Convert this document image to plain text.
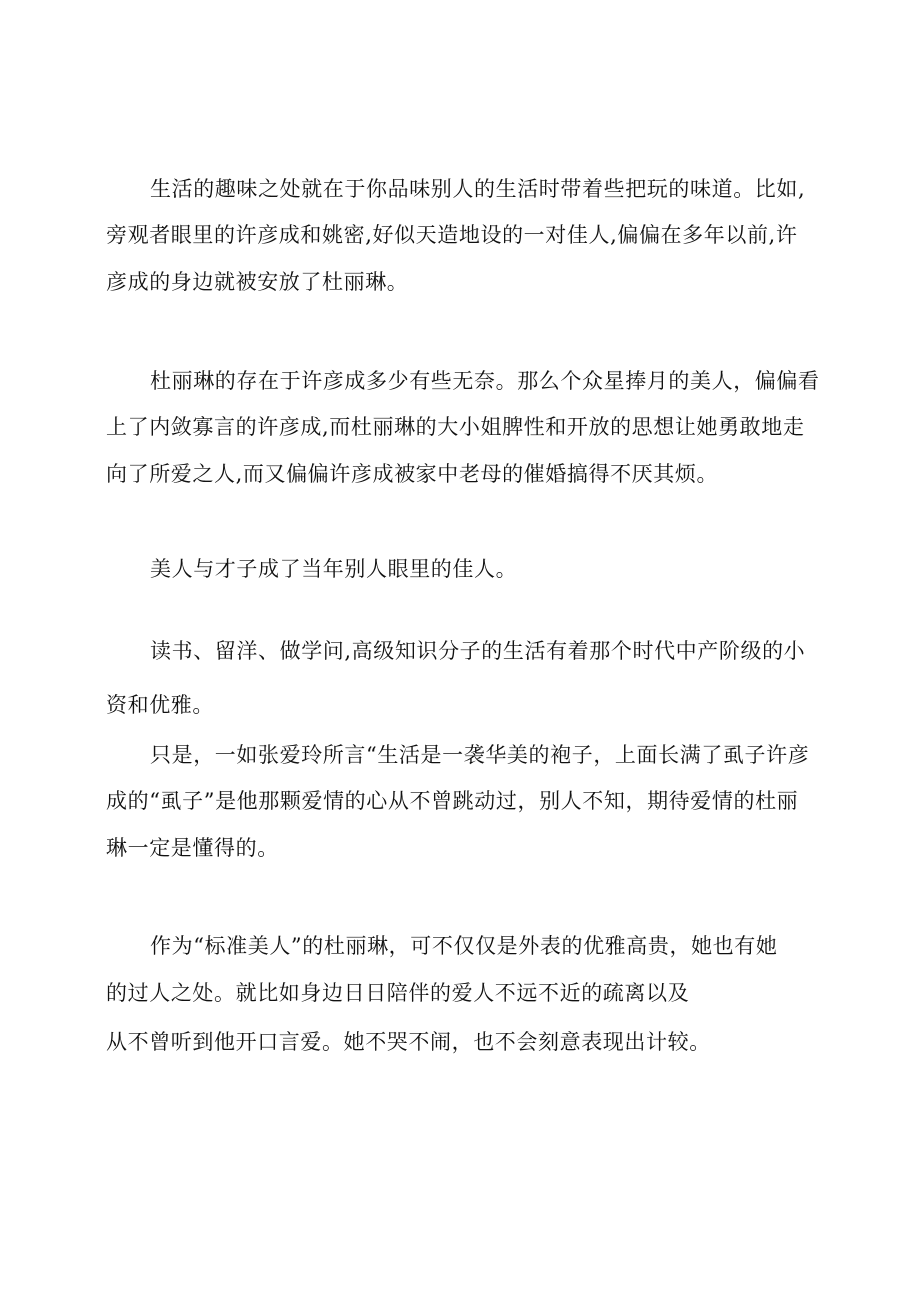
生活的趣味之处就在于你品味别人的生活时带着些把玩的味道。比如,
旁观者眼里的许彦成和姚密,好似天造地设的一对佳人,偏偏在多年以前,许
彦成的身边就被安放了杜丽琳。
杜丽琳的存在于许彦成多少有些无奈。那么个众星捧月的美人，偏偏看
上了内敛寡言的许彦成,而杜丽琳的大小姐脾性和开放的思想让她勇敢地走
向了所爱之人,而又偏偏许彦成被家中老母的催婚搞得不厌其烦。
美人与才子成了当年别人眼里的佳人。
读书、留洋、做学问,高级知识分子的生活有着那个时代中产阶级的小
资和优雅。
只是，一如张爱玲所言“生活是一袭华美的袍子，上面长满了虱子许彦
成的“虱子”是他那颗爱情的心从不曾跳动过，别人不知，期待爱情的杜丽
琳一定是懂得的。
作为“标准美人”的杜丽琳，可不仅仅是外表的优雅高贵，她也有她
的过人之处。就比如身边日日陪伴的爱人不远不近的疏离以及
从不曾听到他开口言爱。她不哭不闹，也不会刻意表现出计较。
